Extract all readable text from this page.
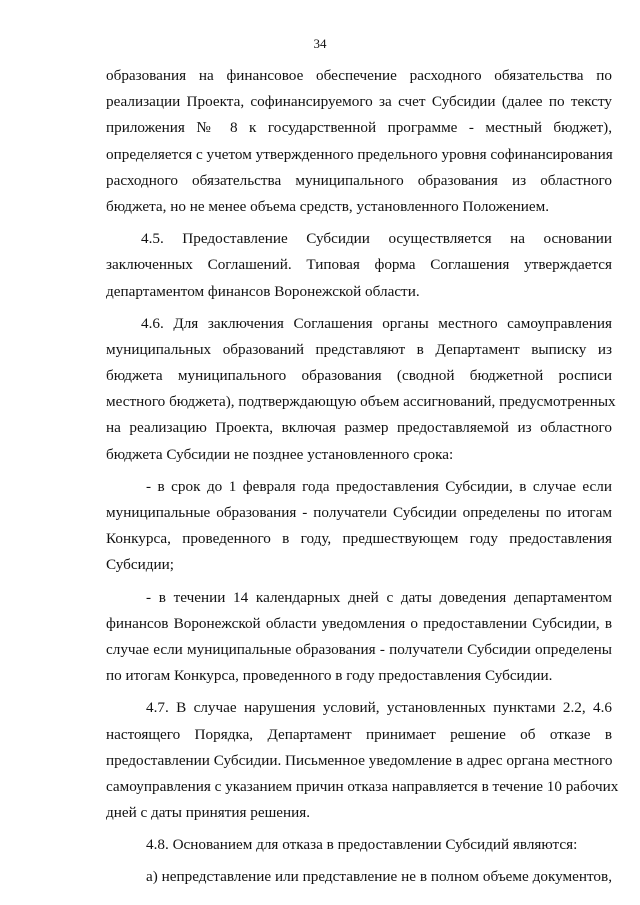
34
образования на финансовое обеспечение расходного обязательства по
реализации Проекта, софинансируемого за счет Субсидии (далее по тексту
приложения № 8 к государственной программе - местный бюджет),
определяется с учетом утвержденного предельного уровня софинансирования
расходного обязательства муниципального образования из областного
бюджета, но не менее объема средств, установленного Положением.
4.5. Предоставление Субсидии осуществляется на основании
заключенных Соглашений. Типовая форма Соглашения утверждается
департаментом финансов Воронежской области.
4.6. Для заключения Соглашения органы местного самоуправления
муниципальных образований представляют в Департамент выписку из
бюджета муниципального образования (сводной бюджетной росписи
местного бюджета), подтверждающую объем ассигнований, предусмотренных
на реализацию Проекта, включая размер предоставляемой из областного
бюджета Субсидии не позднее установленного срока:
- в срок до 1 февраля года предоставления Субсидии, в случае если
муниципальные образования - получатели Субсидии определены по итогам
Конкурса, проведенного в году, предшествующем году предоставления
Субсидии;
- в течении 14 календарных дней с даты доведения департаментом
финансов Воронежской области уведомления о предоставлении Субсидии, в
случае если муниципальные образования - получатели Субсидии определены
по итогам Конкурса, проведенного в году предоставления Субсидии.
4.7. В случае нарушения условий, установленных пунктами 2.2, 4.6
настоящего Порядка, Департамент принимает решение об отказе в
предоставлении Субсидии. Письменное уведомление в адрес органа местного
самоуправления с указанием причин отказа направляется в течение 10 рабочих
дней с даты принятия решения.
4.8. Основанием для отказа в предоставлении Субсидий являются:
а) непредставление или представление не в полном объеме документов,
